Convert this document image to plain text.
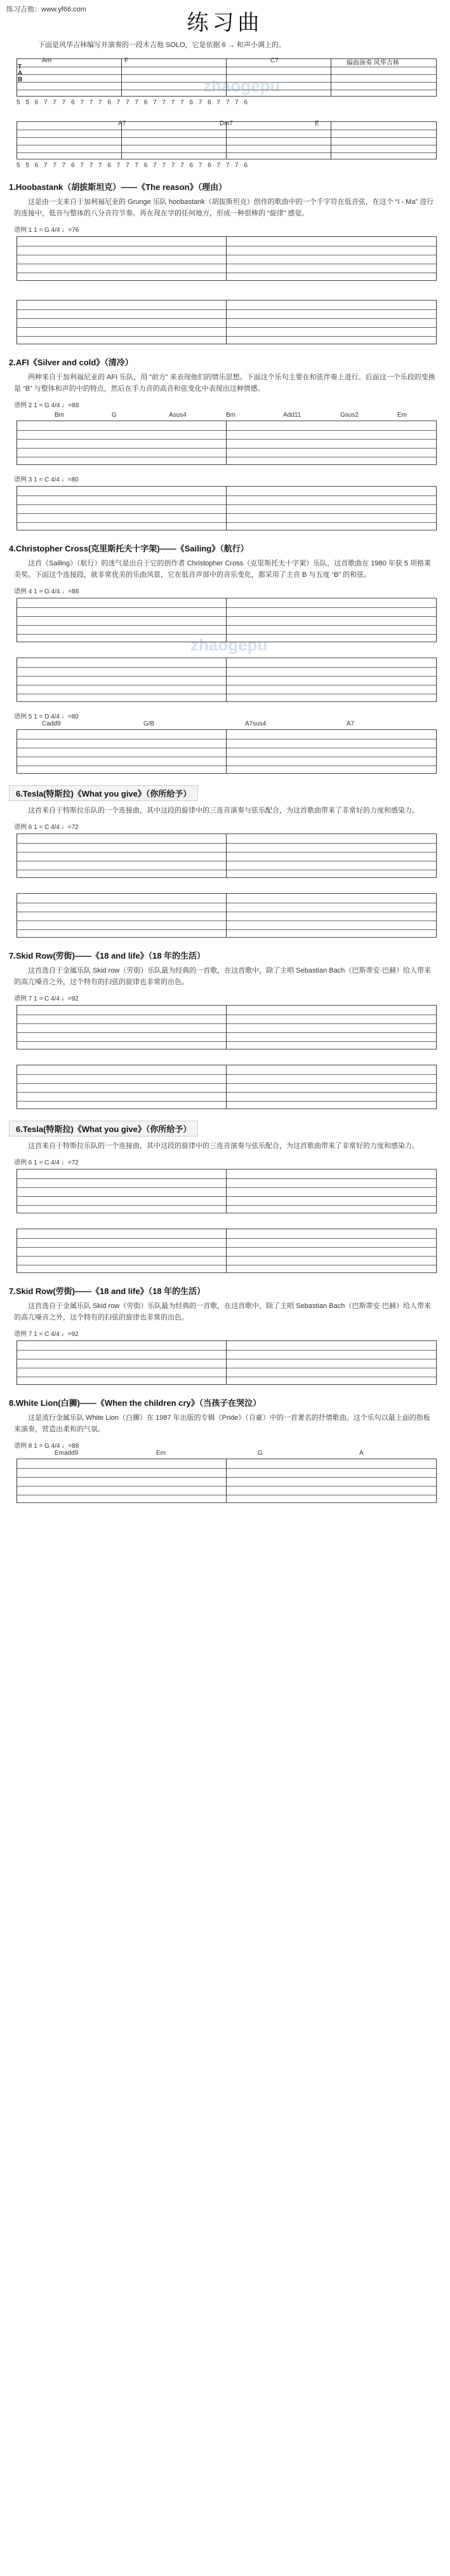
练习吉他：www.yf66.com
练习曲
下面是风华吉林编写并演奏的一段木吉他 SOLO，它是依据 6 → 和声小调上的。
zhaogepu
zhaogepu
Am	F	C7	编曲演奏 风华吉林
T
A
B
5 5 6 7 7 7 6 7 7 7 6 7 7 7 6 7 7 7 7 6 7 6 7 7 7 6
A7	Dm7	E
5 5 6 7 7 7 6 7 7 7 6 7 7 7 6 7 7 7 7 6 7 6 7 7 7 6
1.Hoobastank（胡拔斯坦克）——《The reason》（理由）
这是由一支来自于加利福尼亚的 Grunge 乐队 hoobastank（胡拔斯坦克）创作的歌曲中的一个千字符在低音弦，在这个 “I - Ma” 进行的连接中，低音与整体的八分音符节奏。再在现在学的任何地方，形成一种很棒的 “旋律” 感觉。
谱例 1 1 = G 4/4 ♩=76
2.AFI《Silver and cold》（清冷）
两种来自于加利福尼亚的 AFI 乐队，用 “前方” 来表现他们的情乐思想。下面这个乐句主要在和弦伴奏上进行。后面这一个乐段的变换是 “B” 与整体和声的中的特点，然后在手力音的高音和弦变化中表现出这种情感。
谱例 2 1 = G 4/4 ♩=88
Bm	G	Asus4	Bm	Add11	Gsus2	Em
谱例 3 1 = C 4/4 ♩=80
4.Christopher Cross(克里斯托夫十字架)——《Sailing》（航行）
这首《Sailing》（航行）的迷气是出自于它的创作者 Christopher Cross（克里斯托夫十字架）乐队，这首歌曲在 1980 年获 5 项格莱美奖。下面这个连接段，就非常优美的乐曲风景，它在低音声部中的音乐变化，都采用了主音 B 与五度 “B” 的和弦。
谱例 4 1 = G 4/4 ♩=88
谱例 5 1 = D 4/4 ♩=80
Cadd9	G/B	A7sus4	A7
6.Tesla(特斯拉)《What you give》（你所给予）
这首来自于特斯拉乐队的一个连接曲，其中这段的旋律中的三连音演奏与弦乐配合，为这首歌曲带来了非常好的力度和感染力。
谱例 6 1 = C 4/4 ♩=72
7.Skid Row(劳街)——《18 and life》（18 年的生活）
这首选自于金属乐队 Skid row（劳街）乐队最为经典的一首歌，在这首歌中，除了主唱 Sebastian Bach（巴斯蒂安·巴赫）给人带来的高亢嗓音之外，这个特有的扫弦的旋律也非常的出色。
谱例 7 1 = C 4/4 ♩=92
6.Tesla(特斯拉)《What you give》（你所给予）
这首来自于特斯拉乐队的一个连接曲，其中这段的旋律中的三连音演奏与弦乐配合，为这首歌曲带来了非常好的力度和感染力。
谱例 6 1 = C 4/4 ♩=72
7.Skid Row(劳街)——《18 and life》（18 年的生活）
这首选自于金属乐队 Skid row（劳街）乐队最为经典的一首歌，在这首歌中，除了主唱 Sebastian Bach（巴斯蒂安·巴赫）给人带来的高亢嗓音之外，这个特有的扫弦的旋律也非常的出色。
谱例 7 1 = C 4/4 ♩=92
8.White Lion(白狮)——《When the children cry》（当孩子在哭泣）
这是流行金属乐队 White Lion（白狮）在 1987 年出版的专辑《Pride》（自豪）中的一首著名的抒情歌曲。这个乐句以最上面的指板来演奏，营造出柔和的气氛。
谱例 8 1 = G 4/4 ♩=88
Emadd9	Em	G	A
